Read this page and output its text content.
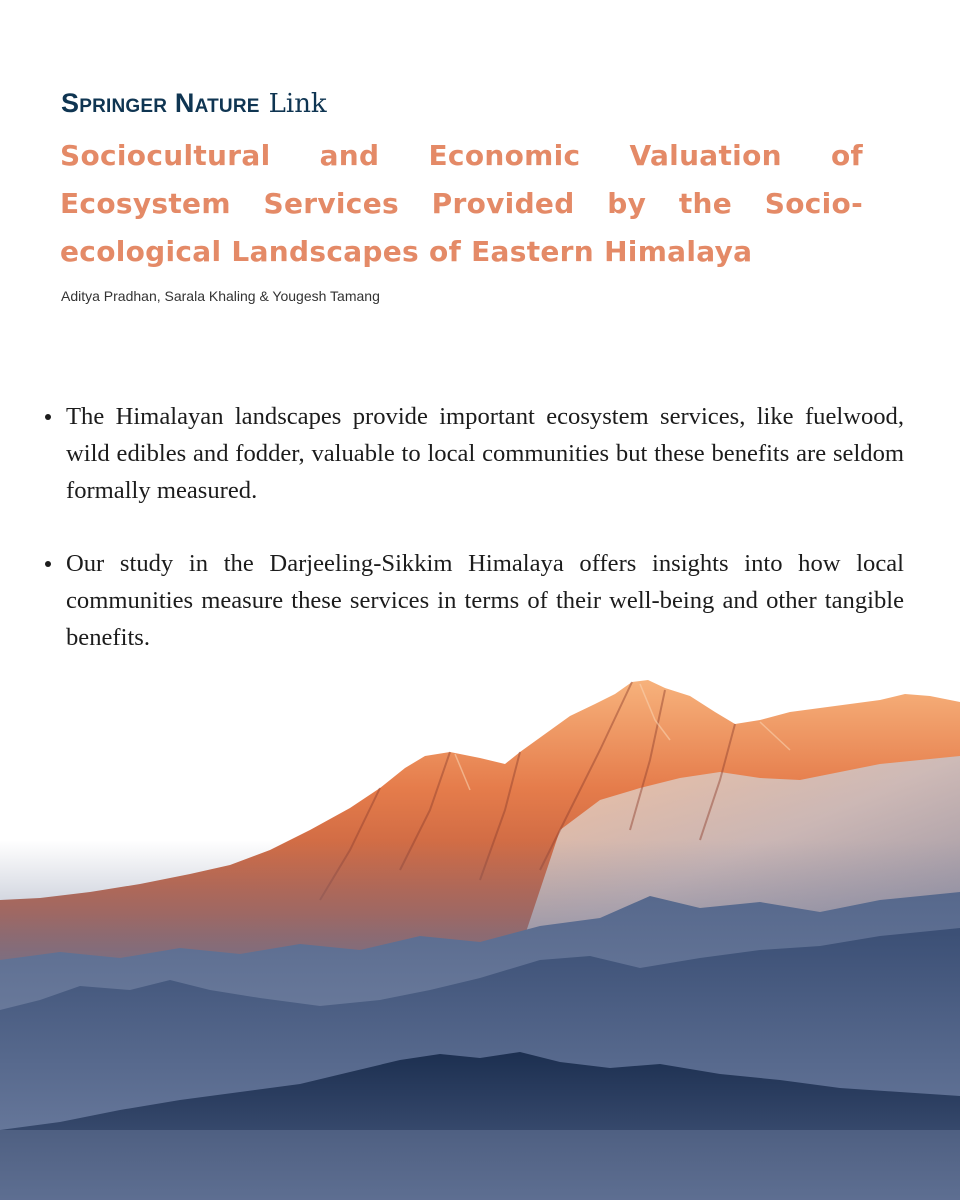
Springer Nature Link
Sociocultural and Economic Valuation of Ecosystem Services Provided by the Socio-ecological Landscapes of Eastern Himalaya

Aditya Pradhan, Sarala Khaling & Yougesh Tamang

The Himalayan landscapes provide important ecosystem services, like fuelwood, wild edibles and fodder, valuable to local communities but these benefits are seldom formally measured.
Our study in the Darjeeling-Sikkim Himalaya offers insights into how local communities measure these services in terms of their well-being and other tangible benefits.
